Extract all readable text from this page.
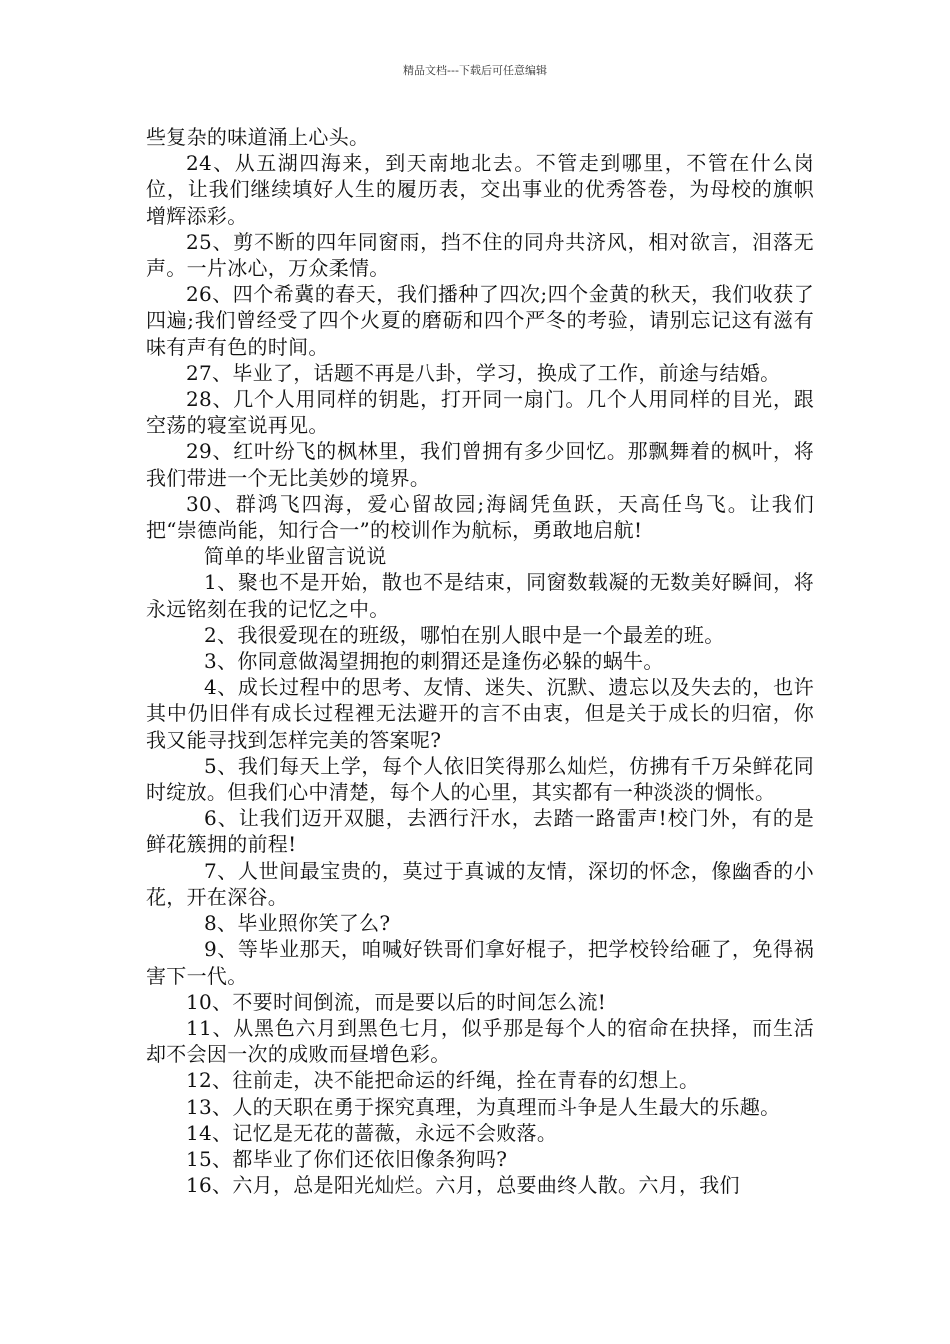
精品文档---下载后可任意编辑

些复杂的味道涌上心头。

24、从五湖四海来，到天南地北去。不管走到哪里，不管在什么岗位，让我们继续填好人生的履历表，交出事业的优秀答卷，为母校的旗帜增辉添彩。

25、剪不断的四年同窗雨，挡不住的同舟共济风，相对欲言，泪落无声。一片冰心，万众柔情。

26、四个希冀的春天，我们播种了四次;四个金黄的秋天，我们收获了四遍;我们曾经受了四个火夏的磨砺和四个严冬的考验，请别忘记这有滋有味有声有色的时间。

27、毕业了，话题不再是八卦，学习，换成了工作，前途与结婚。

28、几个人用同样的钥匙，打开同一扇门。几个人用同样的目光，跟空荡的寝室说再见。

29、红叶纷飞的枫林里，我们曾拥有多少回忆。那飘舞着的枫叶，将我们带进一个无比美妙的境界。

30、群鸿飞四海，爱心留故园;海阔凭鱼跃，天高任鸟飞。让我们把“崇德尚能，知行合一”的校训作为航标，勇敢地启航!

简单的毕业留言说说

1、聚也不是开始，散也不是结束，同窗数载凝的无数美好瞬间，将永远铭刻在我的记忆之中。

2、我很爱现在的班级，哪怕在别人眼中是一个最差的班。

3、你同意做渴望拥抱的刺猬还是逢伤必躲的蜗牛。

4、成长过程中的思考、友情、迷失、沉默、遗忘以及失去的，也许其中仍旧伴有成长过程裡无法避开的言不由衷，但是关于成长的归宿，你我又能寻找到怎样完美的答案呢?

5、我们每天上学，每个人依旧笑得那么灿烂，仿拂有千万朵鲜花同时绽放。但我们心中清楚，每个人的心里，其实都有一种淡淡的惆怅。

6、让我们迈开双腿，去洒行汗水，去踏一路雷声!校门外，有的是鲜花簇拥的前程!

7、人世间最宝贵的，莫过于真诚的友情，深切的怀念，像幽香的小花，开在深谷。

8、毕业照你笑了么?

9、等毕业那天，咱喊好铁哥们拿好棍子，把学校铃给砸了，免得祸害下一代。

10、不要时间倒流，而是要以后的时间怎么流!

11、从黑色六月到黑色七月，似乎那是每个人的宿命在抉择，而生活却不会因一次的成败而昼增色彩。

12、往前走，决不能把命运的纤绳，拴在青春的幻想上。

13、人的天职在勇于探究真理，为真理而斗争是人生最大的乐趣。

14、记忆是无花的蔷薇，永远不会败落。

15、都毕业了你们还依旧像条狗吗?

16、六月，总是阳光灿烂。六月，总要曲终人散。六月，我们
